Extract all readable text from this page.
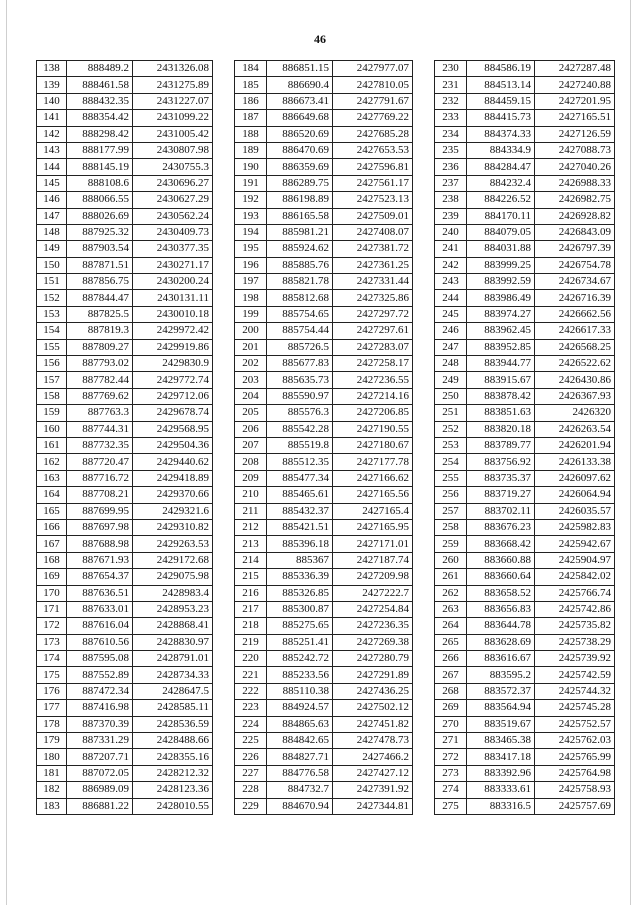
46
138	888489.2	2431326.08
139	888461.58	2431275.89
140	888432.35	2431227.07
141	888354.42	2431099.22
142	888298.42	2431005.42
143	888177.99	2430807.98
144	888145.19	2430755.3
145	888108.6	2430696.27
146	888066.55	2430627.29
147	888026.69	2430562.24
148	887925.32	2430409.73
149	887903.54	2430377.35
150	887871.51	2430271.17
151	887856.75	2430200.24
152	887844.47	2430131.11
153	887825.5	2430010.18
154	887819.3	2429972.42
155	887809.27	2429919.86
156	887793.02	2429830.9
157	887782.44	2429772.74
158	887769.62	2429712.06
159	887763.3	2429678.74
160	887744.31	2429568.95
161	887732.35	2429504.36
162	887720.47	2429440.62
163	887716.72	2429418.89
164	887708.21	2429370.66
165	887699.95	2429321.6
166	887697.98	2429310.82
167	887688.98	2429263.53
168	887671.93	2429172.68
169	887654.37	2429075.98
170	887636.51	2428983.4
171	887633.01	2428953.23
172	887616.04	2428868.41
173	887610.56	2428830.97
174	887595.08	2428791.01
175	887552.89	2428734.33
176	887472.34	2428647.5
177	887416.98	2428585.11
178	887370.39	2428536.59
179	887331.29	2428488.66
180	887207.71	2428355.16
181	887072.05	2428212.32
182	886989.09	2428123.36
183	886881.22	2428010.55
184	886851.15	2427977.07
185	886690.4	2427810.05
186	886673.41	2427791.67
187	886649.68	2427769.22
188	886520.69	2427685.28
189	886470.69	2427653.53
190	886359.69	2427596.81
191	886289.75	2427561.17
192	886198.89	2427523.13
193	886165.58	2427509.01
194	885981.21	2427408.07
195	885924.62	2427381.72
196	885885.76	2427361.25
197	885821.78	2427331.44
198	885812.68	2427325.86
199	885754.65	2427297.72
200	885754.44	2427297.61
201	885726.5	2427283.07
202	885677.83	2427258.17
203	885635.73	2427236.55
204	885590.97	2427214.16
205	885576.3	2427206.85
206	885542.28	2427190.55
207	885519.8	2427180.67
208	885512.35	2427177.78
209	885477.34	2427166.62
210	885465.61	2427165.56
211	885432.37	2427165.4
212	885421.51	2427165.95
213	885396.18	2427171.01
214	885367	2427187.74
215	885336.39	2427209.98
216	885326.85	2427222.7
217	885300.87	2427254.84
218	885275.65	2427236.35
219	885251.41	2427269.38
220	885242.72	2427280.79
221	885233.56	2427291.89
222	885110.38	2427436.25
223	884924.57	2427502.12
224	884865.63	2427451.82
225	884842.65	2427478.73
226	884827.71	2427466.2
227	884776.58	2427427.12
228	884732.7	2427391.92
229	884670.94	2427344.81
230	884586.19	2427287.48
231	884513.14	2427240.88
232	884459.15	2427201.95
233	884415.73	2427165.51
234	884374.33	2427126.59
235	884334.9	2427088.73
236	884284.47	2427040.26
237	884232.4	2426988.33
238	884226.52	2426982.75
239	884170.11	2426928.82
240	884079.05	2426843.09
241	884031.88	2426797.39
242	883999.25	2426754.78
243	883992.59	2426734.67
244	883986.49	2426716.39
245	883974.27	2426662.56
246	883962.45	2426617.33
247	883952.85	2426568.25
248	883944.77	2426522.62
249	883915.67	2426430.86
250	883878.42	2426367.93
251	883851.63	2426320
252	883820.18	2426263.54
253	883789.77	2426201.94
254	883756.92	2426133.38
255	883735.37	2426097.62
256	883719.27	2426064.94
257	883702.11	2426035.57
258	883676.23	2425982.83
259	883668.42	2425942.67
260	883660.88	2425904.97
261	883660.64	2425842.02
262	883658.52	2425766.74
263	883656.83	2425742.86
264	883644.78	2425735.82
265	883628.69	2425738.29
266	883616.67	2425739.92
267	883595.2	2425742.59
268	883572.37	2425744.32
269	883564.94	2425745.28
270	883519.67	2425752.57
271	883465.38	2425762.03
272	883417.18	2425765.99
273	883392.96	2425764.98
274	883333.61	2425758.93
275	883316.5	2425757.69
